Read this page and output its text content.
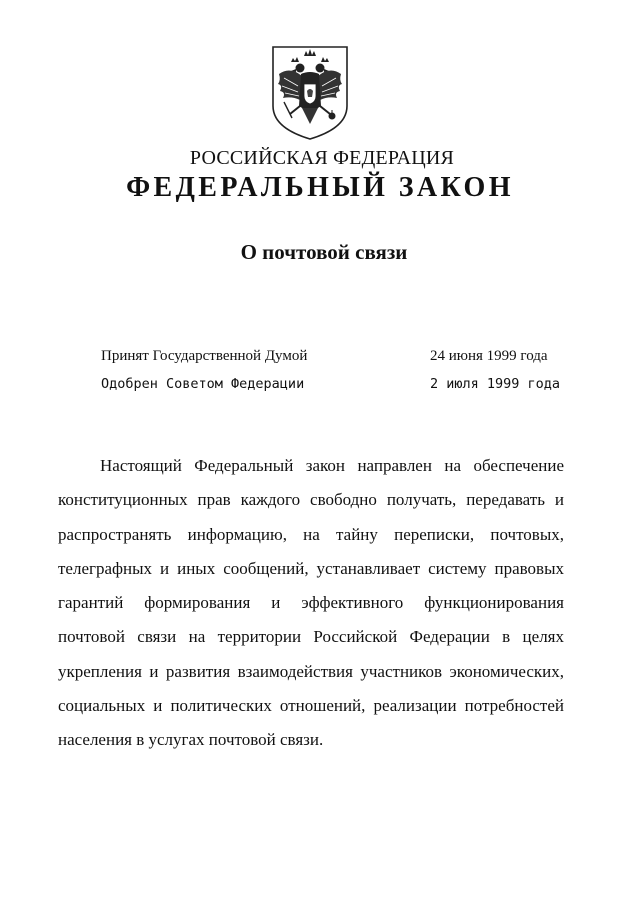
РОССИЙСКАЯ ФЕДЕРАЦИЯ
ФЕДЕРАЛЬНЫЙ ЗАКОН
О почтовой связи
Принят Государственной Думой	24 июня 1999 года
Одобрен Советом Федерации	2 июля 1999 года

Настоящий Федеральный закон направлен на обеспечение конституционных прав каждого свободно получать, передавать и распространять информацию, на тайну переписки, почтовых, телеграфных и иных сообщений, устанавливает систему правовых гарантий формирования и эффективного функционирования почтовой связи на территории Российской Федерации в целях укрепления и развития взаимодействия участников экономических, социальных и политических отношений, реализации потребностей населения в услугах почтовой связи.
